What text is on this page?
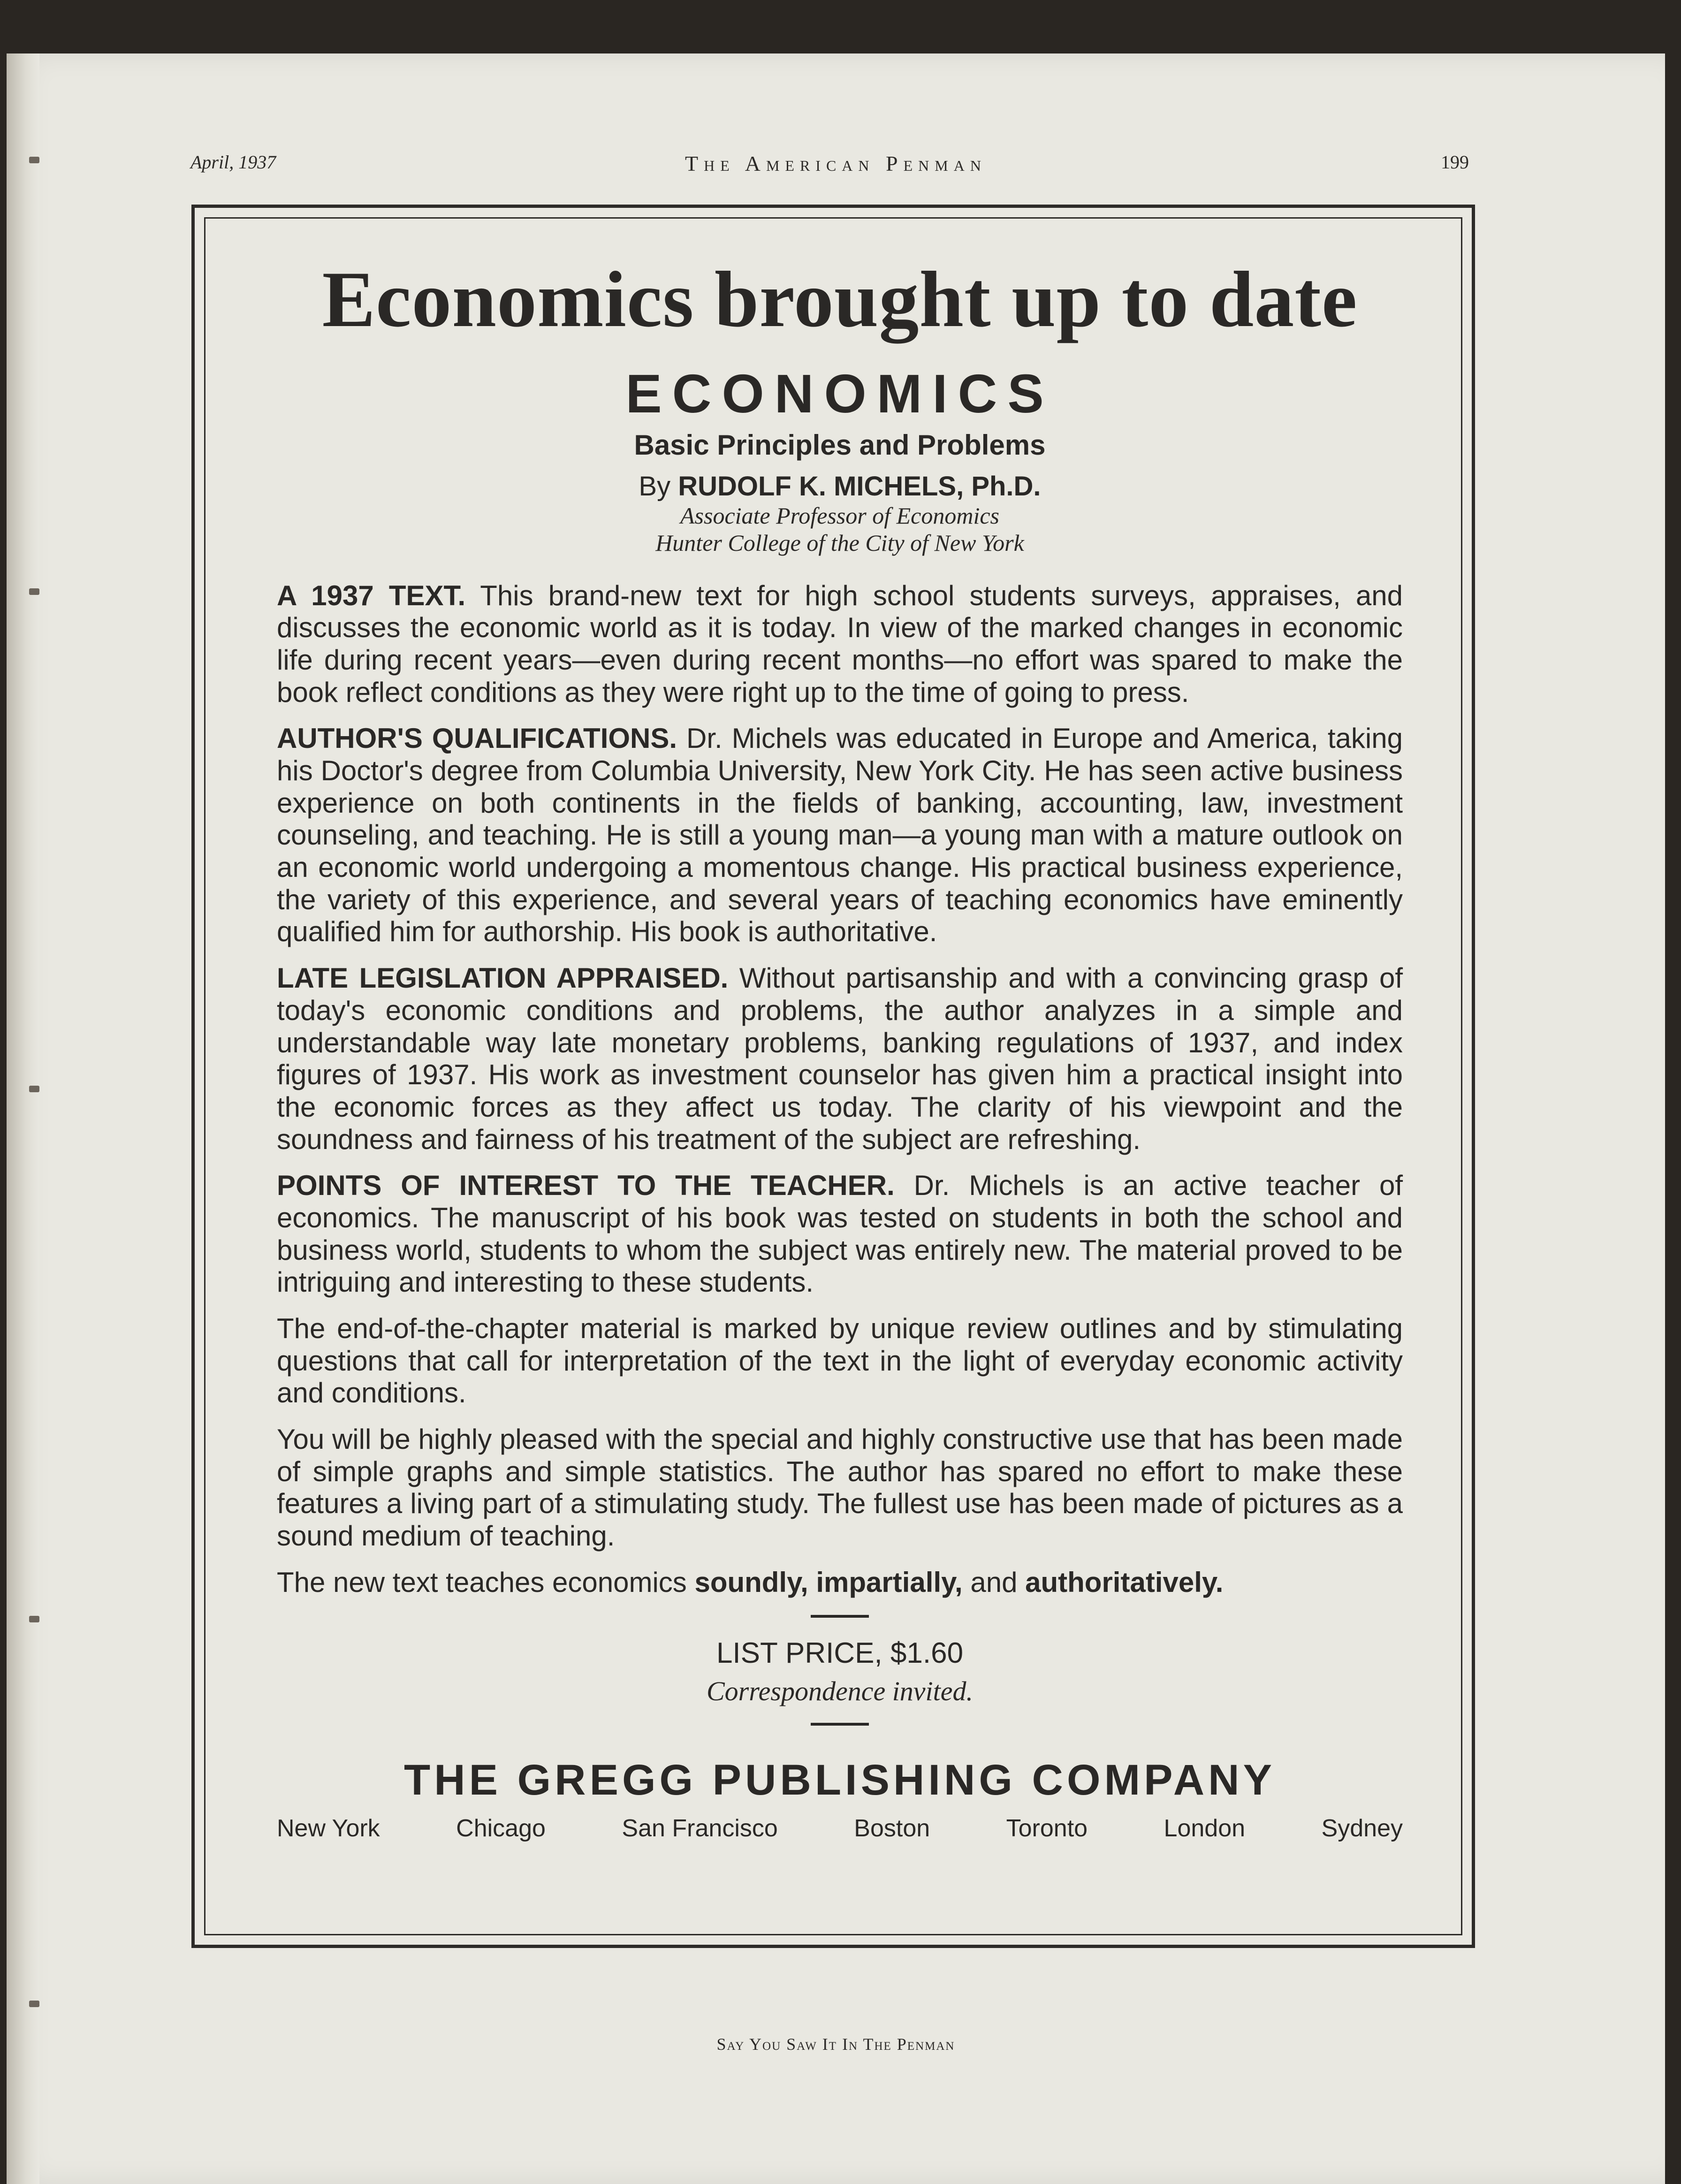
April, 1937	The American Penman	199
Economics brought up to date
ECONOMICS
Basic Principles and Problems
By RUDOLF K. MICHELS, Ph.D.
Associate Professor of Economics
Hunter College of the City of New York

A 1937 TEXT. This brand-new text for high school students surveys, appraises, and discusses the economic world as it is today. In view of the marked changes in economic life during recent years—even during recent months—no effort was spared to make the book reflect conditions as they were right up to the time of going to press.

AUTHOR'S QUALIFICATIONS. Dr. Michels was educated in Europe and America, taking his Doctor's degree from Columbia University, New York City. He has seen active business experience on both continents in the fields of banking, accounting, law, investment counseling, and teaching. He is still a young man—a young man with a mature outlook on an economic world undergoing a momentous change. His practical business experience, the variety of this experience, and several years of teaching economics have eminently qualified him for authorship. His book is authoritative.

LATE LEGISLATION APPRAISED. Without partisanship and with a convincing grasp of today's economic conditions and problems, the author analyzes in a simple and understandable way late monetary problems, banking regulations of 1937, and index figures of 1937. His work as investment counselor has given him a practical insight into the economic forces as they affect us today. The clarity of his viewpoint and the soundness and fairness of his treatment of the subject are refreshing.

POINTS OF INTEREST TO THE TEACHER. Dr. Michels is an active teacher of economics. The manuscript of his book was tested on students in both the school and business world, students to whom the subject was entirely new. The material proved to be intriguing and interesting to these students.

The end-of-the-chapter material is marked by unique review outlines and by stimulating questions that call for interpretation of the text in the light of everyday economic activity and conditions.

You will be highly pleased with the special and highly constructive use that has been made of simple graphs and simple statistics. The author has spared no effort to make these features a living part of a stimulating study. The fullest use has been made of pictures as a sound medium of teaching.

The new text teaches economics soundly, impartially, and authoritatively.

LIST PRICE, $1.60
Correspondence invited.
THE GREGG PUBLISHING COMPANY
New York	Chicago	San Francisco	Boston	Toronto	London	Sydney
Say You Saw It In The Penman
